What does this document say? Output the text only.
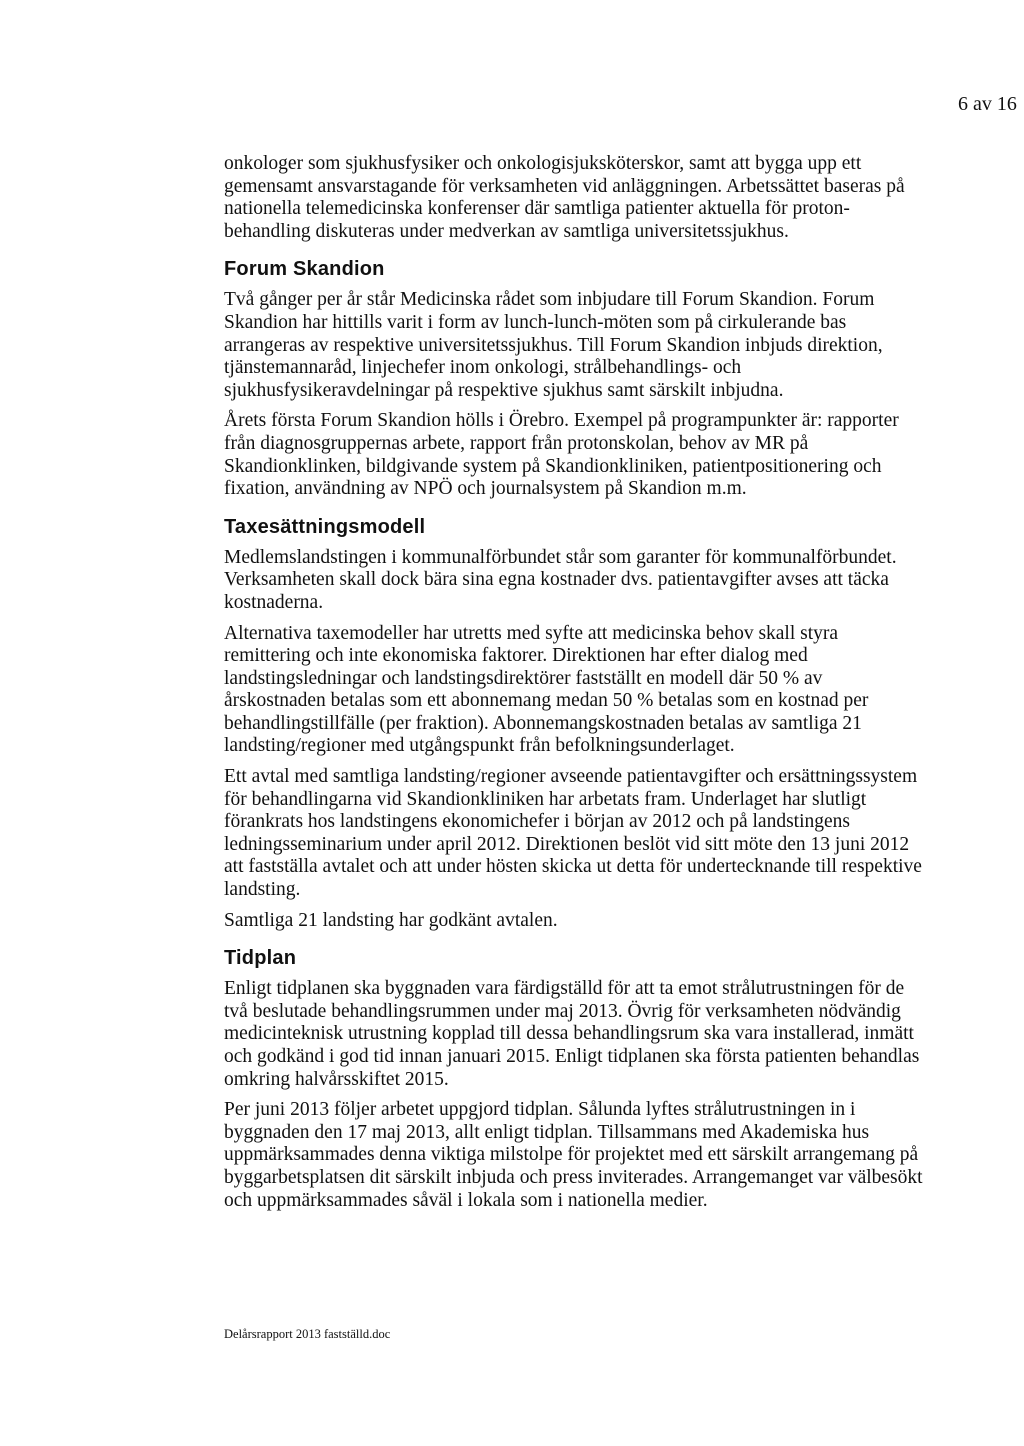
6 av 16

onkologer som sjukhusfysiker och onkologisjuksköterskor, samt att bygga upp ett gemensamt ansvarstagande för verksamheten vid anläggningen. Arbetssättet baseras på nationella telemedicinska konferenser där samtliga patienter aktuella för proton-behandling diskuteras under medverkan av samtliga universitetssjukhus.

Forum Skandion

Två gånger per år står Medicinska rådet som inbjudare till Forum Skandion. Forum Skandion har hittills varit i form av lunch-lunch-möten som på cirkulerande bas arrangeras av respektive universitetssjukhus. Till Forum Skandion inbjuds direktion, tjänstemannaråd, linjechefer inom onkologi, strålbehandlings- och sjukhusfysikeravdelningar på respektive sjukhus samt särskilt inbjudna.

Årets första Forum Skandion hölls i Örebro. Exempel på programpunkter är: rapporter från diagnosgruppernas arbete, rapport från protonskolan, behov av MR på Skandionklinken, bildgivande system på Skandionkliniken, patientpositionering och fixation, användning av NPÖ och journalsystem på Skandion m.m.

Taxesättningsmodell

Medlemslandstingen i kommunalförbundet står som garanter för kommunalförbundet. Verksamheten skall dock bära sina egna kostnader dvs. patientavgifter avses att täcka kostnaderna.

Alternativa taxemodeller har utretts med syfte att medicinska behov skall styra remittering och inte ekonomiska faktorer. Direktionen har efter dialog med landstingsledningar och landstingsdirektörer fastställt en modell där 50 % av årskostnaden betalas som ett abonnemang medan 50 % betalas som en kostnad per behandlingstillfälle (per fraktion). Abonnemangskostnaden betalas av samtliga 21 landsting/regioner med utgångspunkt från befolkningsunderlaget.

Ett avtal med samtliga landsting/regioner avseende patientavgifter och ersättningssystem för behandlingarna vid Skandionkliniken har arbetats fram. Underlaget har slutligt förankrats hos landstingens ekonomichefer i början av 2012 och på landstingens ledningsseminarium under april 2012. Direktionen beslöt vid sitt möte den 13 juni 2012 att fastställa avtalet och att under hösten skicka ut detta för undertecknande till respektive landsting.

Samtliga 21 landsting har godkänt avtalen.

Tidplan

Enligt tidplanen ska byggnaden vara färdigställd för att ta emot strålutrustningen för de två beslutade behandlingsrummen under maj 2013. Övrig för verksamheten nödvändig medicinteknisk utrustning kopplad till dessa behandlingsrum ska vara installerad, inmätt och godkänd i god tid innan januari 2015. Enligt tidplanen ska första patienten behandlas omkring halvårsskiftet 2015.

Per juni 2013 följer arbetet uppgjord tidplan. Sålunda lyftes strålutrustningen in i byggnaden den 17 maj 2013, allt enligt tidplan. Tillsammans med Akademiska hus uppmärksammades denna viktiga milstolpe för projektet med ett särskilt arrangemang på byggarbetsplatsen dit särskilt inbjuda och press inviterades. Arrangemanget var välbesökt och uppmärksammades såväl i lokala som i nationella medier.

Delårsrapport 2013 fastställd.doc
